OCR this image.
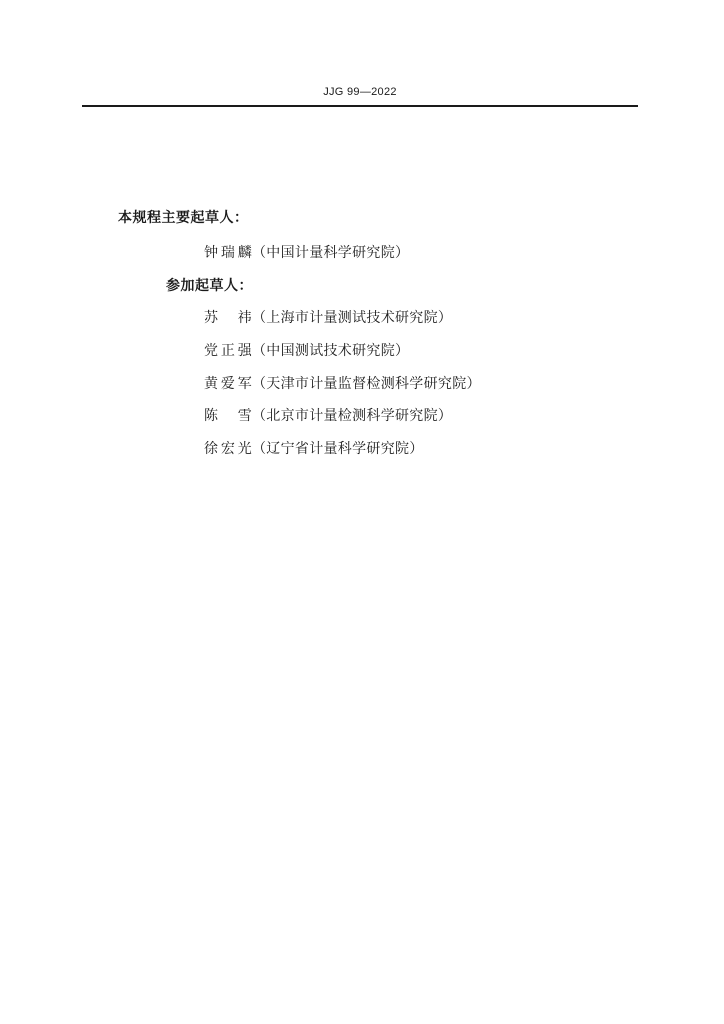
JJG 99—2022
本规程主要起草人：
钟瑞麟（中国计量科学研究院）
参加起草人：
苏　祎（上海市计量测试技术研究院）
党正强（中国测试技术研究院）
黄爱军（天津市计量监督检测科学研究院）
陈　雪（北京市计量检测科学研究院）
徐宏光（辽宁省计量科学研究院）
